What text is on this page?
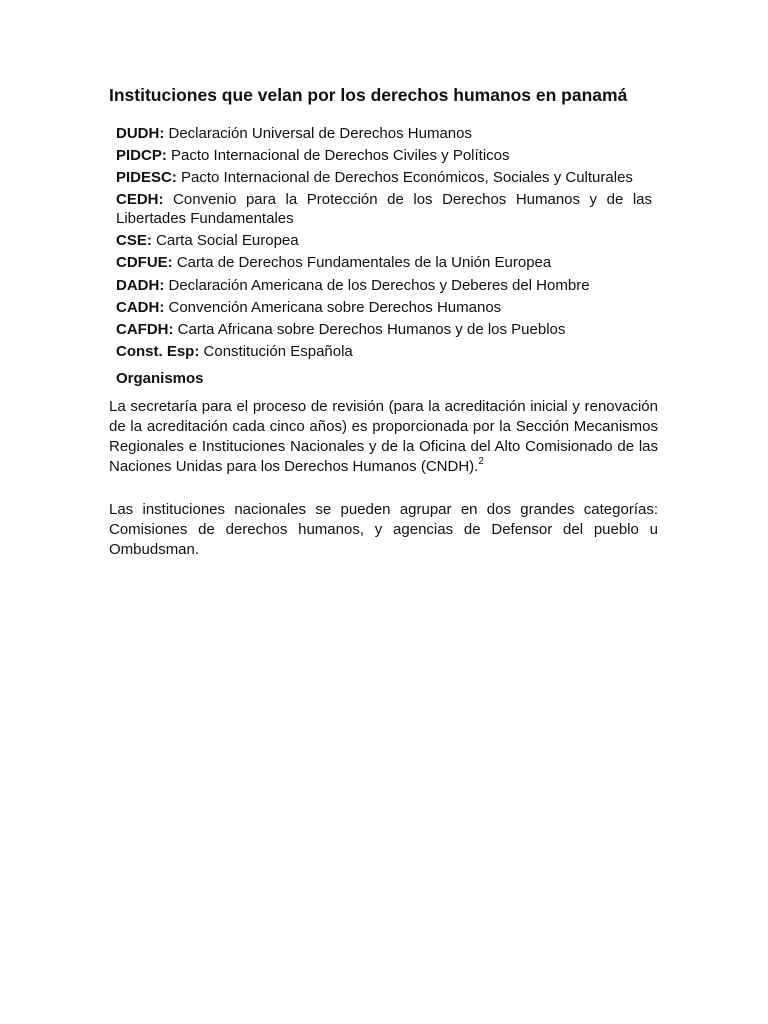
Instituciones que velan por los derechos humanos en panamá
DUDH: Declaración Universal de Derechos Humanos
PIDCP: Pacto Internacional de Derechos Civiles y Políticos
PIDESC: Pacto Internacional de Derechos Económicos, Sociales y Culturales
CEDH: Convenio para la Protección de los Derechos Humanos y de las Libertades Fundamentales
CSE: Carta Social Europea
CDFUE: Carta de Derechos Fundamentales de la Unión Europea
DADH: Declaración Americana de los Derechos y Deberes del Hombre
CADH: Convención Americana sobre Derechos Humanos
CAFDH: Carta Africana sobre Derechos Humanos y de los Pueblos
Const. Esp: Constitución Española
Organismos

La secretaría para el proceso de revisión (para la acreditación inicial y renovación de la acreditación cada cinco años) es proporcionada por la Sección Mecanismos Regionales e Instituciones Nacionales y de la Oficina del Alto Comisionado de las Naciones Unidas para los Derechos Humanos (CNDH).$^2$

Las instituciones nacionales se pueden agrupar en dos grandes categorías: Comisiones de derechos humanos, y agencias de Defensor del pueblo u Ombudsman.
